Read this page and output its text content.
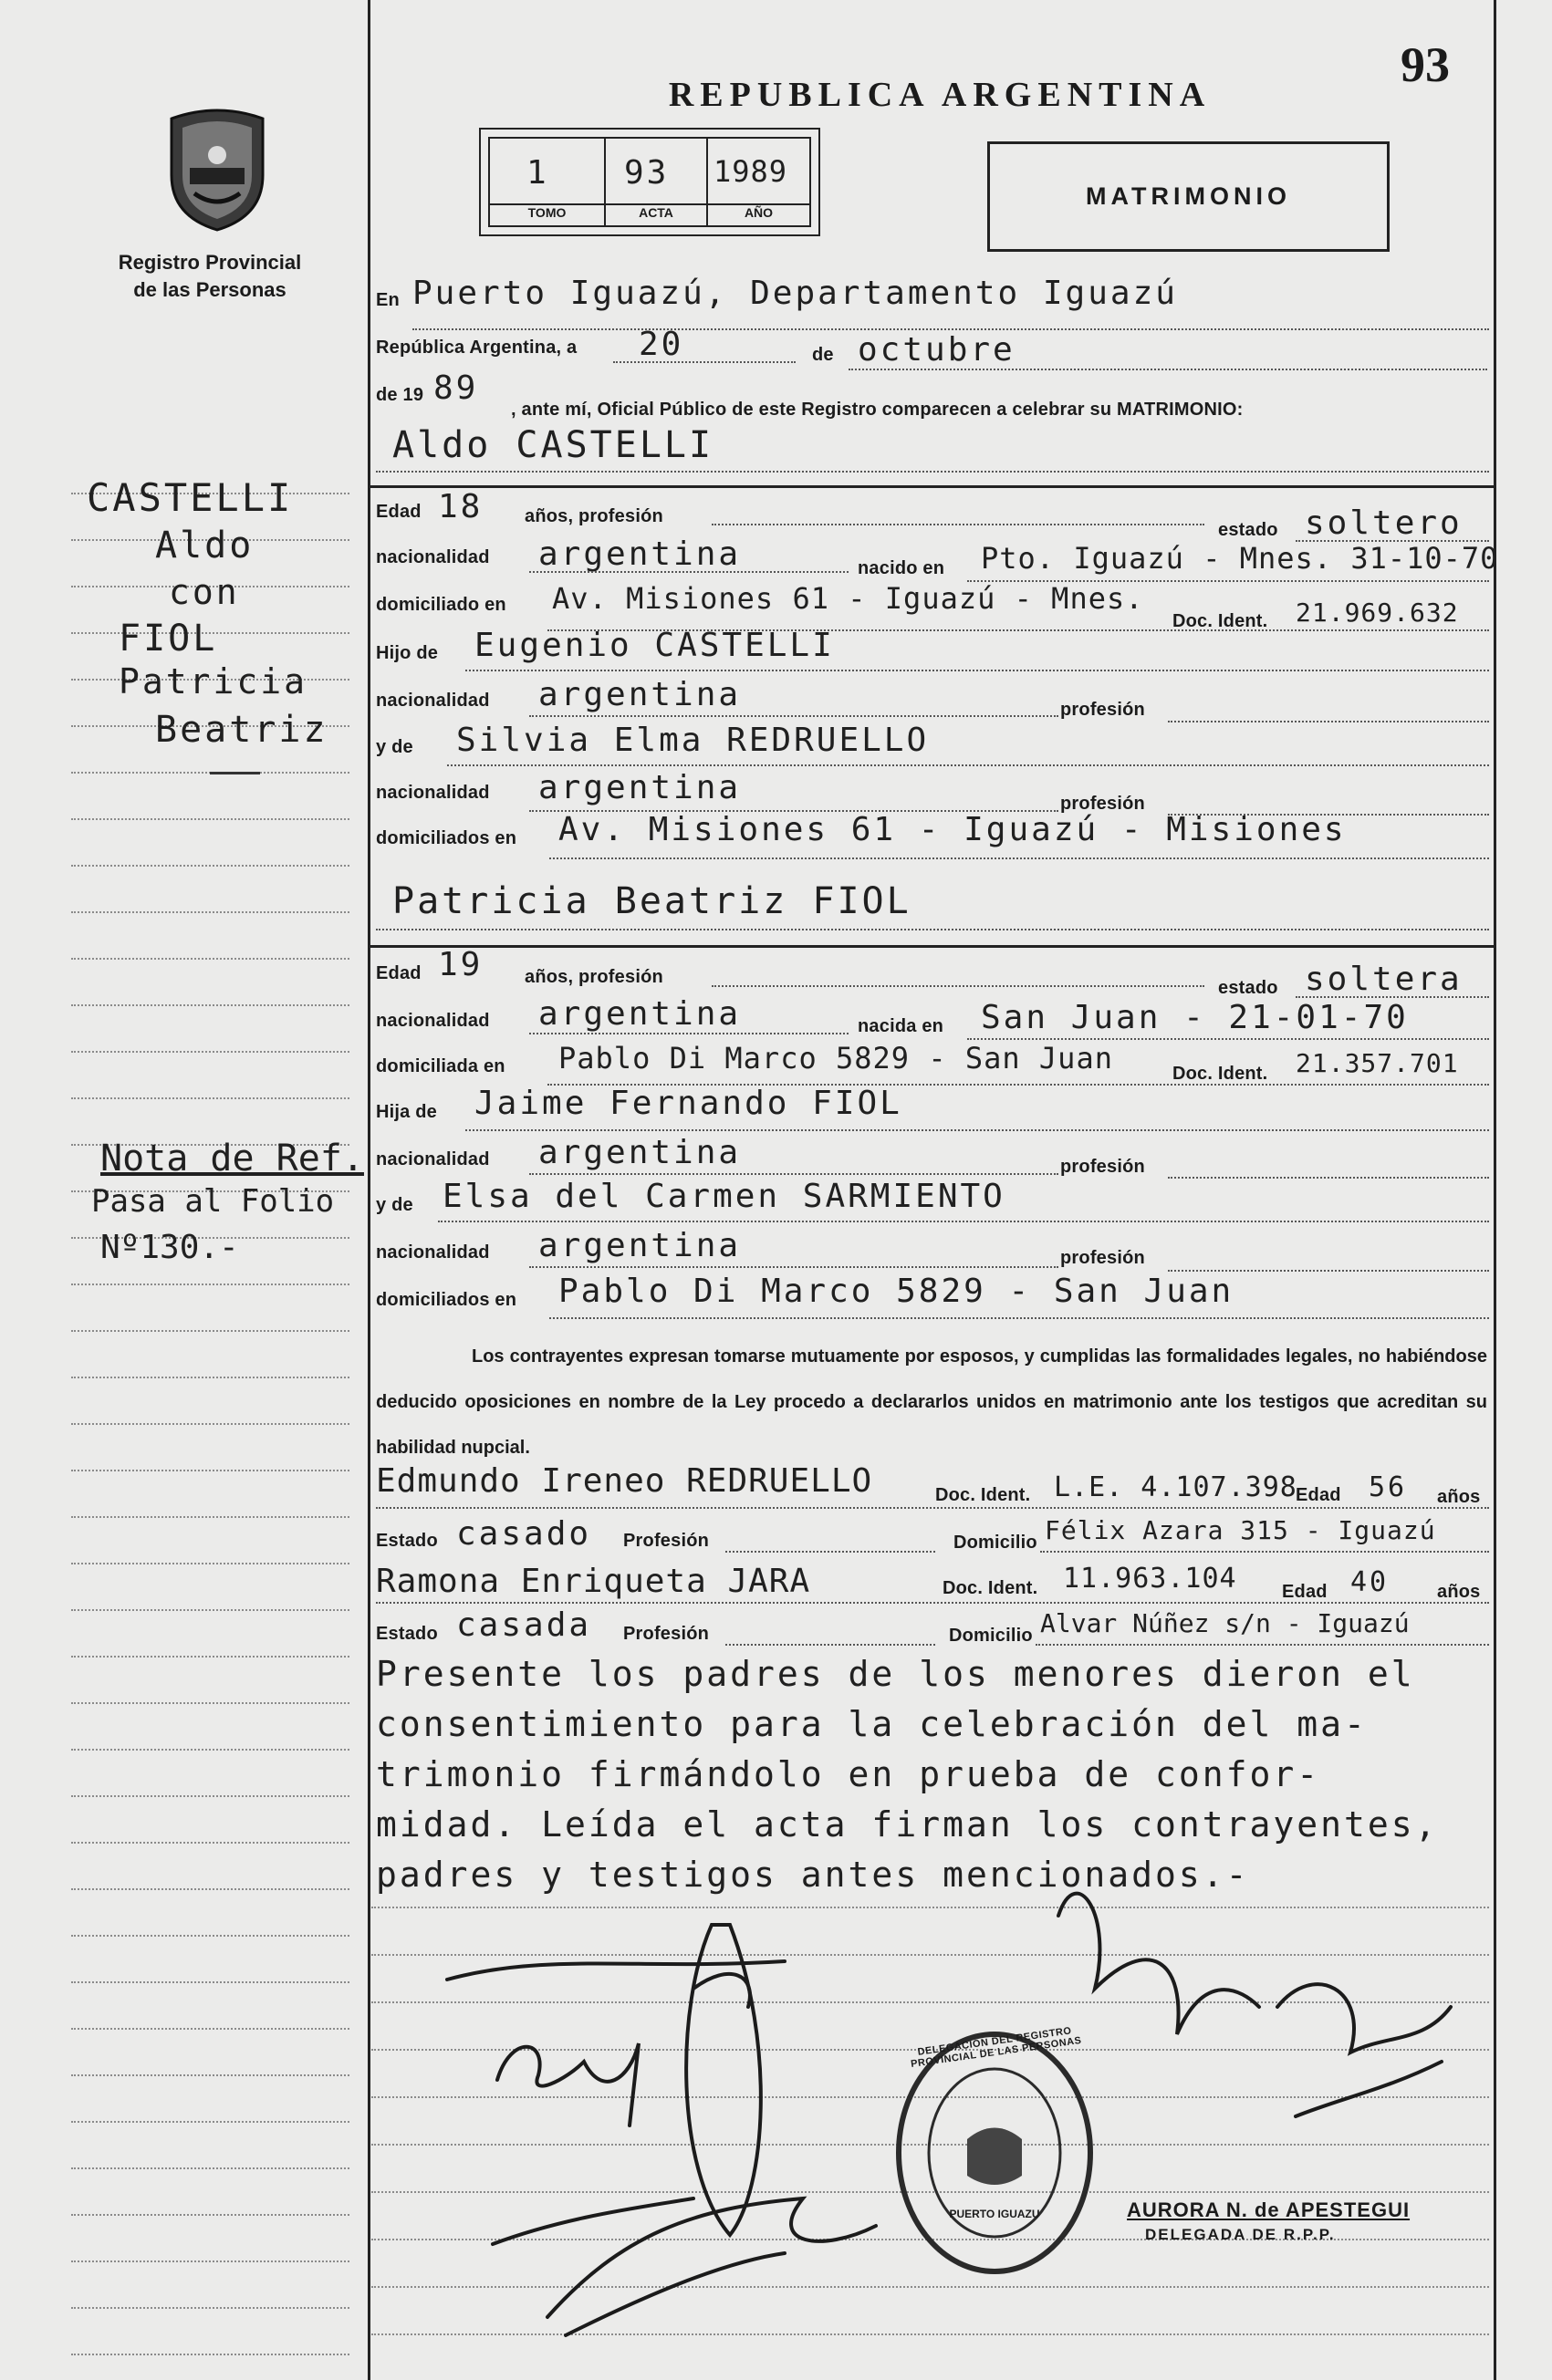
93
REPUBLICA ARGENTINA
Registro Provincial
de las Personas
1
TOMO
93
ACTA
1989
AÑO
MATRIMONIO
En Puerto Iguazú, Departamento Iguazú
República Argentina, a 20	de octubre
de 19 89
, ante mí, Oficial Público de este Registro comparecen a celebrar su MATRIMONIO:
Aldo CASTELLI
Edad 18 años, profesión
estado soltero
nacionalidad argentina	nacido en Pto. Iguazú - Mnes. 31-10-70
domiciliado en Av. Misiones 61 - Iguazú - Mnes.
Doc. Ident. 21.969.632
Hijo de Eugenio CASTELLI
nacionalidad argentina	profesión
y de Silvia Elma REDRUELLO
nacionalidad argentina	profesión
domiciliados en Av. Misiones 61 - Iguazú - Misiones
Patricia Beatriz FIOL
Edad 19 años, profesión
estado soltera
nacionalidad argentina	nacida en San Juan - 21-01-70
domiciliada en Pablo Di Marco 5829 - San Juan	Doc. Ident. 21.357.701
Hija de Jaime Fernando FIOL
nacionalidad argentina	profesión
y de Elsa del Carmen SARMIENTO
nacionalidad argentina	profesión
domiciliados en Pablo Di Marco 5829 - San Juan
Los contrayentes expresan tomarse mutuamente por esposos, y cumplidas las formalidades legales, no habiéndose deducido oposiciones en nombre de la Ley procedo a declararlos unidos en matrimonio ante los testigos que acreditan su habilidad nupcial.
Edmundo Ireneo REDRUELLO	Doc. Ident. L.E. 4.107.398
Edad 56 años
Estado casado Profesión	Domicilio Félix Azara 315 - Iguazú
Ramona Enriqueta JARA	Doc. Ident. 11.963.104 Edad 40	años
Estado casada Profesión	Domicilio Alvar Núñez s/n - Iguazú
Presente los padres de los menores dieron el
consentimiento para la celebración del ma-
trimonio firmándolo en prueba de confor-
midad. Leída el acta firman los contrayentes,
padres y testigos antes mencionados.-
CASTELLI
Aldo
con
FIOL
Patricia
Beatriz
Nota de Ref.
Pasa al Folio
Nº130.-
DELEGACION DEL REGISTRO PROVINCIAL DE LAS PERSONAS
PUERTO IGUAZU	AURORA N. de APESTEGUI
DELEGADA DE R.P.P.
